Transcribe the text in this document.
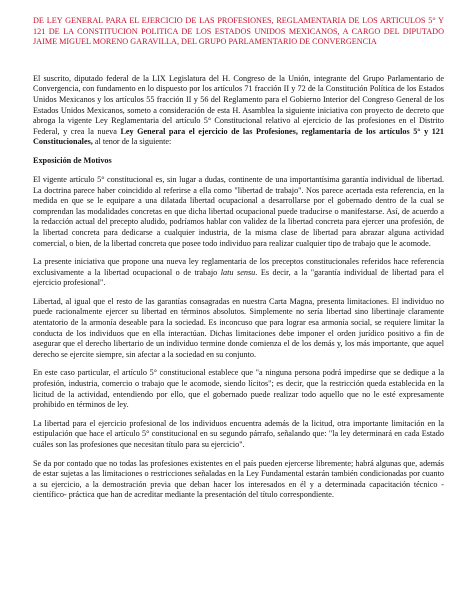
DE LEY GENERAL PARA EL EJERCICIO DE LAS PROFESIONES, REGLAMENTARIA DE LOS ARTICULOS 5° Y 121 DE LA CONSTITUCION POLITICA DE LOS ESTADOS UNIDOS MEXICANOS, A CARGO DEL DIPUTADO JAIME MIGUEL MORENO GARAVILLA, DEL GRUPO PARLAMENTARIO DE CONVERGENCIA

El suscrito, diputado federal de la LIX Legislatura del H. Congreso de la Unión, integrante del Grupo Parlamentario de Convergencia, con fundamento en lo dispuesto por los artículos 71 fracción II y 72 de la Constitución Política de los Estados Unidos Mexicanos y los artículos 55 fracción II y 56 del Reglamento para el Gobierno Interior del Congreso General de los Estados Unidos Mexicanos, someto a consideración de esta H. Asamblea la siguiente iniciativa con proyecto de decreto que abroga la vigente Ley Reglamentaria del artículo 5° Constitucional relativo al ejercicio de las profesiones en el Distrito Federal, y crea la nueva Ley General para el ejercicio de las Profesiones, reglamentaria de los artículos 5° y 121 Constitucionales, al tenor de la siguiente:

Exposición de Motivos

El vigente artículo 5° constitucional es, sin lugar a dudas, continente de una importantísima garantía individual de libertad. La doctrina parece haber coincidido al referirse a ella como "libertad de trabajo". Nos parece acertada esta referencia, en la medida en que se le equipare a una dilatada libertad ocupacional a desarrollarse por el gobernado dentro de la cual se comprendan las modalidades concretas en que dicha libertad ocupacional puede traducirse o manifestarse. Así, de acuerdo a la redacción actual del precepto aludido, podríamos hablar con validez de la libertad concreta para ejercer una profesión, de la libertad concreta para dedicarse a cualquier industria, de la misma clase de libertad para abrazar alguna actividad comercial, o bien, de la libertad concreta que posee todo individuo para realizar cualquier tipo de trabajo que le acomode.

La presente iniciativa que propone una nueva ley reglamentaria de los preceptos constitucionales referidos hace referencia exclusivamente a la libertad ocupacional o de trabajo latu sensu. Es decir, a la "garantía individual de libertad para el ejercicio profesional".

Libertad, al igual que el resto de las garantías consagradas en nuestra Carta Magna, presenta limitaciones. El individuo no puede racionalmente ejercer su libertad en términos absolutos. Simplemente no sería libertad sino libertinaje claramente atentatorio de la armonía deseable para la sociedad. Es inconcuso que para lograr esa armonía social, se requiere limitar la conducta de los individuos que en ella interactúan. Dichas limitaciones debe imponer el orden jurídico positivo a fin de asegurar que el derecho libertario de un individuo termine donde comienza el de los demás y, los más importante, que aquel derecho se ejercite siempre, sin afectar a la sociedad en su conjunto.

En este caso particular, el artículo 5° constitucional establece que "a ninguna persona podrá impedirse que se dedique a la profesión, industria, comercio o trabajo que le acomode, siendo lícitos"; es decir, que la restricción queda establecida en la licitud de la actividad, entendiendo por ello, que el gobernado puede realizar todo aquello que no le esté expresamente prohibido en términos de ley.

La libertad para el ejercicio profesional de los individuos encuentra además de la licitud, otra importante limitación en la estipulación que hace el artículo 5° constitucional en su segundo párrafo, señalando que: "la ley determinará en cada Estado cuáles son las profesiones que necesitan título para su ejercicio".

Se da por contado que no todas las profesiones existentes en el país pueden ejercerse libremente; habrá algunas que, además de estar sujetas a las limitaciones o restricciones señaladas en la Ley Fundamental estarán también condicionadas por cuanto a su ejercicio, a la demostración previa que deban hacer los interesados en él y a determinada capacitación técnico -científico- práctica que han de acreditar mediante la presentación del título correspondiente.
